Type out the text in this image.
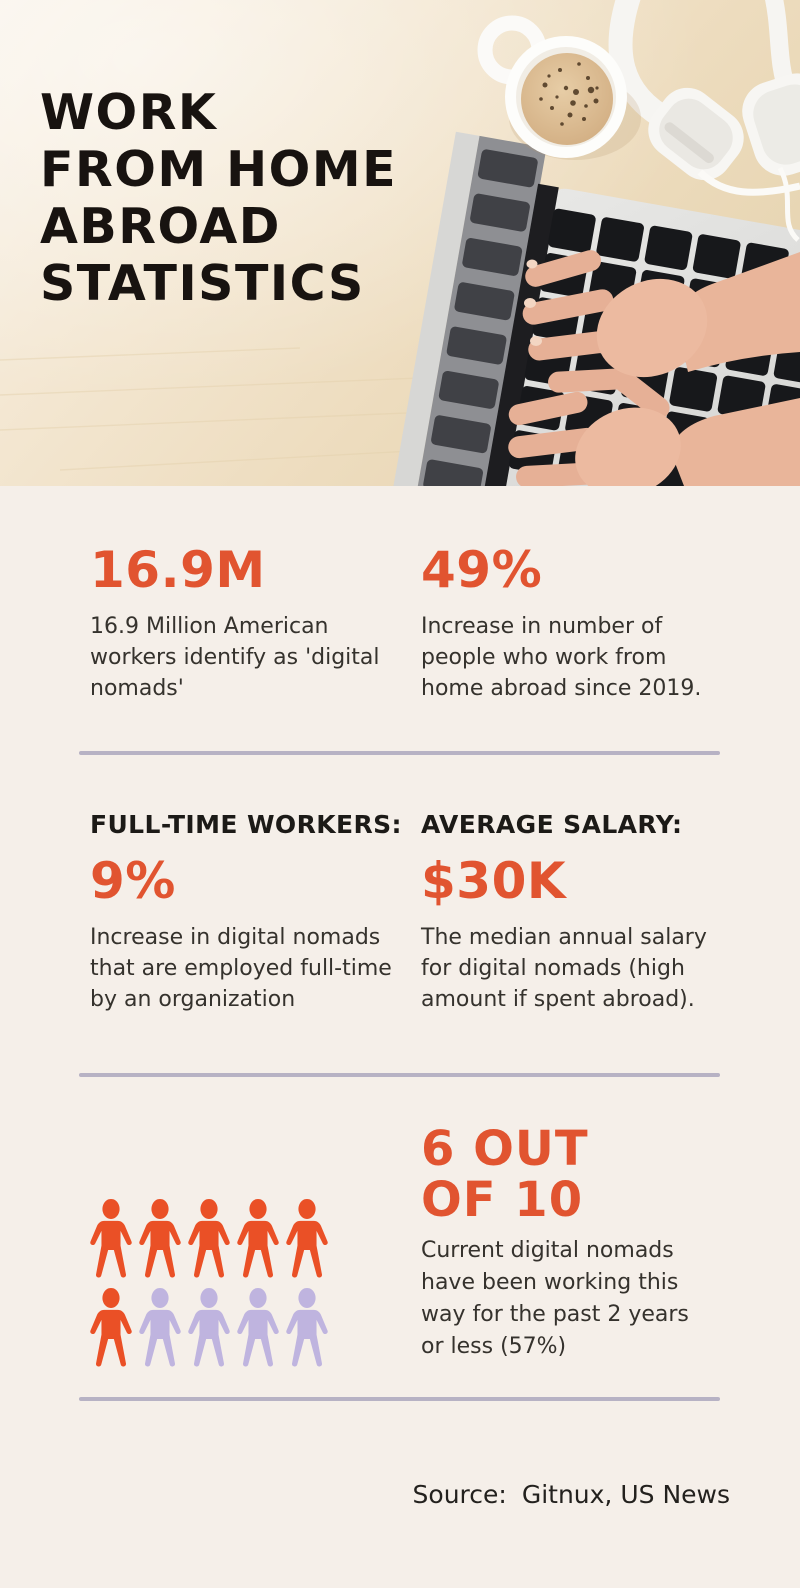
WORK
FROM HOME
ABROAD
STATISTICS
16.9M

16.9 Million American workers identify as 'digital nomads'

49%

Increase in number of people who work from home abroad since 2019.

FULL-TIME WORKERS:
9%

Increase in digital nomads that are employed full-time by an organization

AVERAGE SALARY:
$30K

The median annual salary for digital nomads (high amount if spent abroad).

6 OUT
OF 10

Current digital nomads have been working this way for the past 2 years or less (57%)

Source: Gitnux, US News
